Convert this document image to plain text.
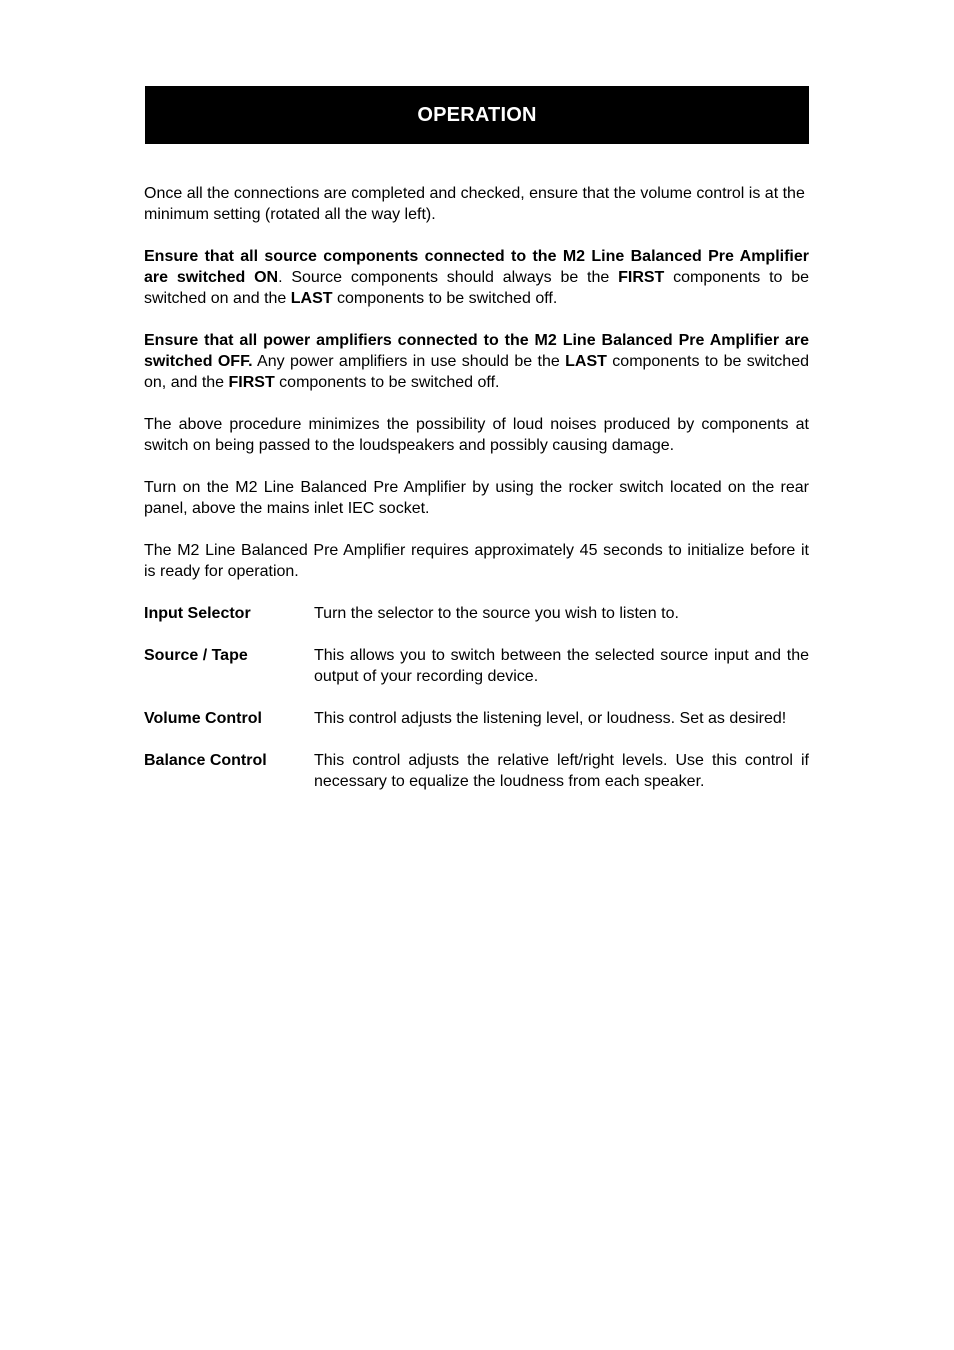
OPERATION

Once all the connections are completed and checked, ensure that the volume control is at the minimum setting (rotated all the way left).

Ensure that all source components connected to the M2 Line Balanced Pre Amplifier are switched ON. Source components should always be the FIRST components to be switched on and the LAST components to be switched off.

Ensure that all power amplifiers connected to the M2 Line Balanced Pre Amplifier are switched OFF. Any power amplifiers in use should be the LAST components to be switched on, and the FIRST components to be switched off.

The above procedure minimizes the possibility of loud noises produced by components at switch on being passed to the loudspeakers and possibly causing damage.

Turn on the M2 Line Balanced Pre Amplifier by using the rocker switch located on the rear panel, above the mains inlet IEC socket.

The M2 Line Balanced Pre Amplifier requires approximately 45 seconds to initialize before it is ready for operation.

Input Selector	Turn the selector to the source you wish to listen to.
Source / Tape	This allows you to switch between the selected source input and the output of your recording device.
Volume Control	This control adjusts the listening level, or loudness. Set as desired!
Balance Control	This control adjusts the relative left/right levels. Use this control if necessary to equalize the loudness from each speaker.
